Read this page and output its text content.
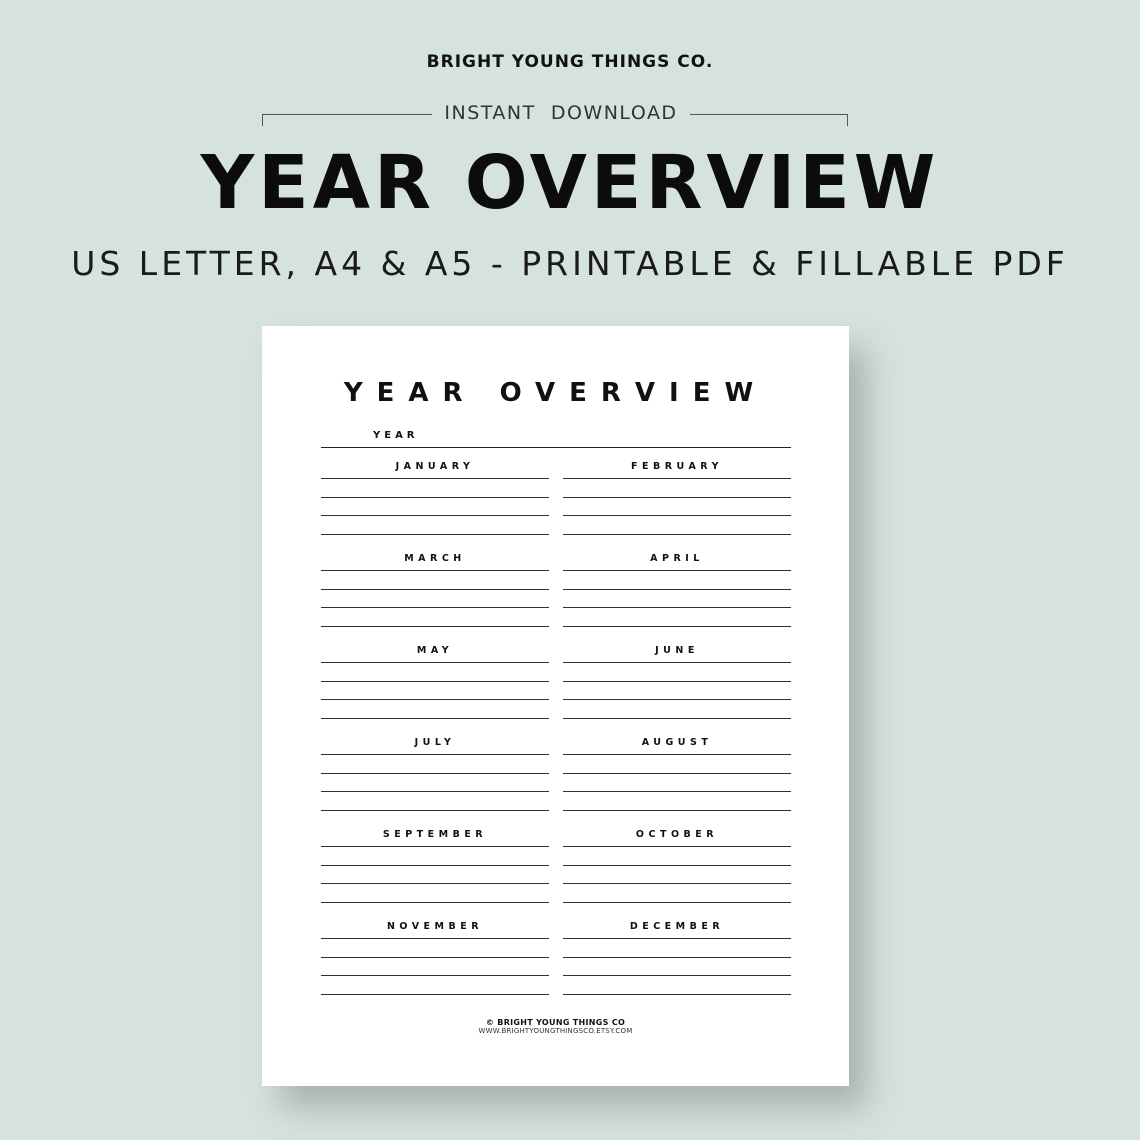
BRIGHT YOUNG THINGS CO.
INSTANT  DOWNLOAD
YEAR OVERVIEW
US LETTER, A4 & A5 - PRINTABLE & FILLABLE PDF
YEAR OVERVIEW
YEAR
JANUARY	FEBRUARY
MARCH	APRIL
MAY	JUNE
JULY	AUGUST
SEPTEMBER	OCTOBER
NOVEMBER	DECEMBER
© BRIGHT YOUNG THINGS CO
WWW.BRIGHTYOUNGTHINGSCO.ETSY.COM
